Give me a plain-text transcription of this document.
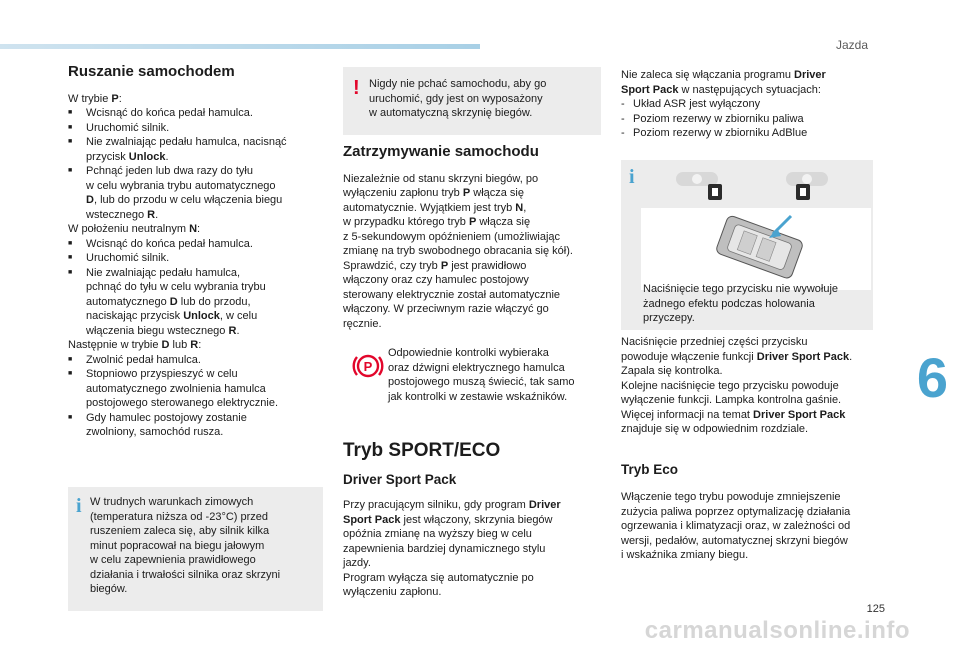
Jazda
6
125
carmanualsonline.info
Ruszanie samochodem
W trybie P:
■ Wcisnąć do końca pedał hamulca.
■ Uruchomić silnik.
■ Nie zwalniając pedału hamulca, nacisnąć
przycisk Unlock.
■ Pchnąć jeden lub dwa razy do tyłu
w celu wybrania trybu automatycznego
D, lub do przodu w celu włączenia biegu
wstecznego R.
W położeniu neutralnym N:
■ Wcisnąć do końca pedał hamulca.
■ Uruchomić silnik.
■ Nie zwalniając pedału hamulca,
pchnąć do tyłu w celu wybrania trybu
automatycznego D lub do przodu,
naciskając przycisk Unlock, w celu
włączenia biegu wstecznego R.
Następnie w trybie D lub R:
■ Zwolnić pedał hamulca.
■ Stopniowo przyspieszyć w celu
automatycznego zwolnienia hamulca
postojowego sterowanego elektrycznie.
■ Gdy hamulec postojowy zostanie
zwolniony, samochód rusza.
i W trudnych warunkach zimowych
(temperatura niższa od -23°C) przed
ruszeniem zaleca się, aby silnik kilka
minut popracował na biegu jałowym
w celu zapewnienia prawidłowego
działania i trwałości silnika oraz skrzyni
biegów.
! Nigdy nie pchać samochodu, aby go
uruchomić, gdy jest on wyposażony
w automatyczną skrzynię biegów.
Zatrzymywanie samochodu
Niezależnie od stanu skrzyni biegów, po
wyłączeniu zapłonu tryb P włącza się
automatycznie. Wyjątkiem jest tryb N,
w przypadku którego tryb P włącza się
z 5-sekundowym opóźnieniem (umożliwiając
zmianę na tryb swobodnego obracania się kół).
Sprawdzić, czy tryb P jest prawidłowo
włączony oraz czy hamulec postojowy
sterowany elektrycznie został automatycznie
włączony. W przeciwnym razie włączyć go
ręcznie.
P
Odpowiednie kontrolki wybieraka
oraz dźwigni elektrycznego hamulca
postojowego muszą świecić, tak samo
jak kontrolki w zestawie wskaźników.
Tryb SPORT/ECO
Driver Sport Pack
Przy pracującym silniku, gdy program Driver
Sport Pack jest włączony, skrzynia biegów
opóźnia zmianę na wyższy bieg w celu
zapewnienia bardziej dynamicznego stylu
jazdy.
Program wyłącza się automatycznie po
wyłączeniu zapłonu.
Nie zaleca się włączania programu Driver
Sport Pack w następujących sytuacjach:
- Układ ASR jest wyłączony
- Poziom rezerwy w zbiorniku paliwa
- Poziom rezerwy w zbiorniku AdBlue
i
Naciśnięcie tego przycisku nie wywołuje
żadnego efektu podczas holowania
przyczepy.
Naciśnięcie przedniej części przycisku
powoduje włączenie funkcji Driver Sport Pack.
Zapala się kontrolka.
Kolejne naciśnięcie tego przycisku powoduje
wyłączenie funkcji. Lampka kontrolna gaśnie.
Więcej informacji na temat Driver Sport Pack
znajduje się w odpowiednim rozdziale.
Tryb Eco
Włączenie tego trybu powoduje zmniejszenie
zużycia paliwa poprzez optymalizację działania
ogrzewania i klimatyzacji oraz, w zależności od
wersji, pedałów, automatycznej skrzyni biegów
i wskaźnika zmiany biegu.
